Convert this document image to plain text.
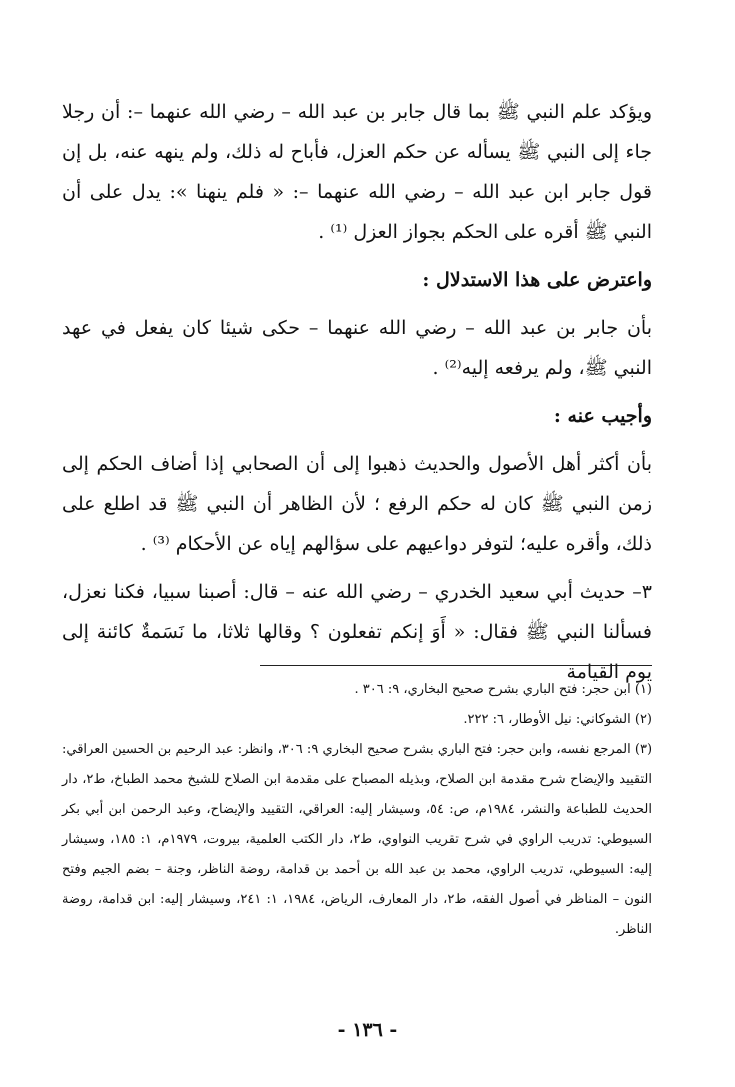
ويؤكد علم النبي ﷺ بما قال جابر بن عبد الله – رضي الله عنهما –: أن رجلا جاء إلى النبي ﷺ يسأله عن حكم العزل، فأباح له ذلك، ولم ينهه عنه، بل إن قول جابر ابن عبد الله – رضي الله عنهما –: « فلم ينهنا »: يدل على أن النبي ﷺ أقره على الحكم بجواز العزل ⁽¹⁾ .

واعترض على هذا الاستدلال :

بأن جابر بن عبد الله – رضي الله عنهما – حكى شيئا كان يفعل في عهد النبي ﷺ، ولم يرفعه إليه⁽²⁾ .

وأجيب عنه :

بأن أكثر أهل الأصول والحديث ذهبوا إلى أن الصحابي إذا أضاف الحكم إلى زمن النبي ﷺ كان له حكم الرفع ؛ لأن الظاهر أن النبي ﷺ قد اطلع على ذلك، وأقره عليه؛ لتوفر دواعيهم على سؤالهم إياه عن الأحكام ⁽³⁾ .

٣– حديث أبي سعيد الخدري – رضي الله عنه – قال: أصبنا سبيا، فكنا نعزل، فسألنا النبي ﷺ فقال: « أَوَ إنكم تفعلون ؟ وقالها ثلاثا، ما نَسَمةٌ كائنة إلى يوم القيامة

(١) ابن حجر: فتح الباري بشرح صحيح البخاري، ٩: ٣٠٦ .

(٢) الشوكاني: نيل الأوطار، ٦: ٢٢٢.

(٣) المرجع نفسه، وابن حجر: فتح الباري بشرح صحيح البخاري ٩: ٣٠٦، وانظر: عبد الرحيم بن الحسين العراقي: التقييد والإيضاح شرح مقدمة ابن الصلاح، وبذيله المصباح على مقدمة ابن الصلاح للشيخ محمد الطباخ، ط٢، دار الحديث للطباعة والنشر، ١٩٨٤م، ص: ٥٤، وسيشار إليه: العراقي، التقييد والإيضاح، وعبد الرحمن ابن أبي بكر السيوطي: تدريب الراوي في شرح تقريب النواوي، ط٢، دار الكتب العلمية، بيروت، ١٩٧٩م، ١: ١٨٥، وسيشار إليه: السيوطي، تدريب الراوي، محمد بن عبد الله بن أحمد بن قدامة، روضة الناظر، وجنة – بضم الجيم وفتح النون – المناظر في أصول الفقه، ط٢، دار المعارف، الرياض، ١٩٨٤، ١: ٢٤١، وسيشار إليه: ابن قدامة، روضة الناظر.

- ١٣٦ -
